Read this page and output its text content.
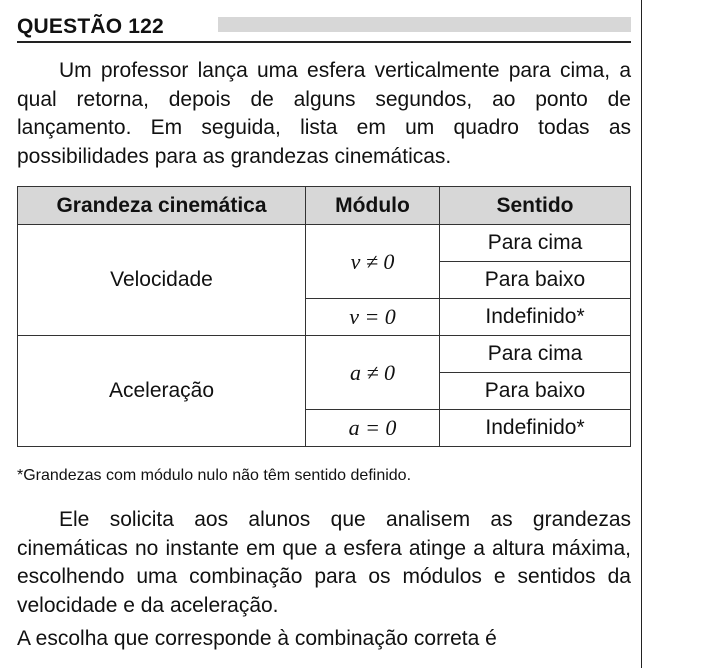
QUESTÃO 122

Um professor lança uma esfera verticalmente para cima, a qual retorna, depois de alguns segundos, ao ponto de lançamento. Em seguida, lista em um quadro todas as possibilidades para as grandezas cinemáticas.

Grandeza cinemática	Módulo	Sentido
Velocidade	v ≠ 0	Para cima
		Para baixo
	v = 0	Indefinido*
Aceleração	a ≠ 0	Para cima
		Para baixo
	a = 0	Indefinido*
*Grandezas com módulo nulo não têm sentido definido.

Ele solicita aos alunos que analisem as grandezas cinemáticas no instante em que a esfera atinge a altura máxima, escolhendo uma combinação para os módulos e sentidos da velocidade e da aceleração.

A escolha que corresponde à combinação correta é
